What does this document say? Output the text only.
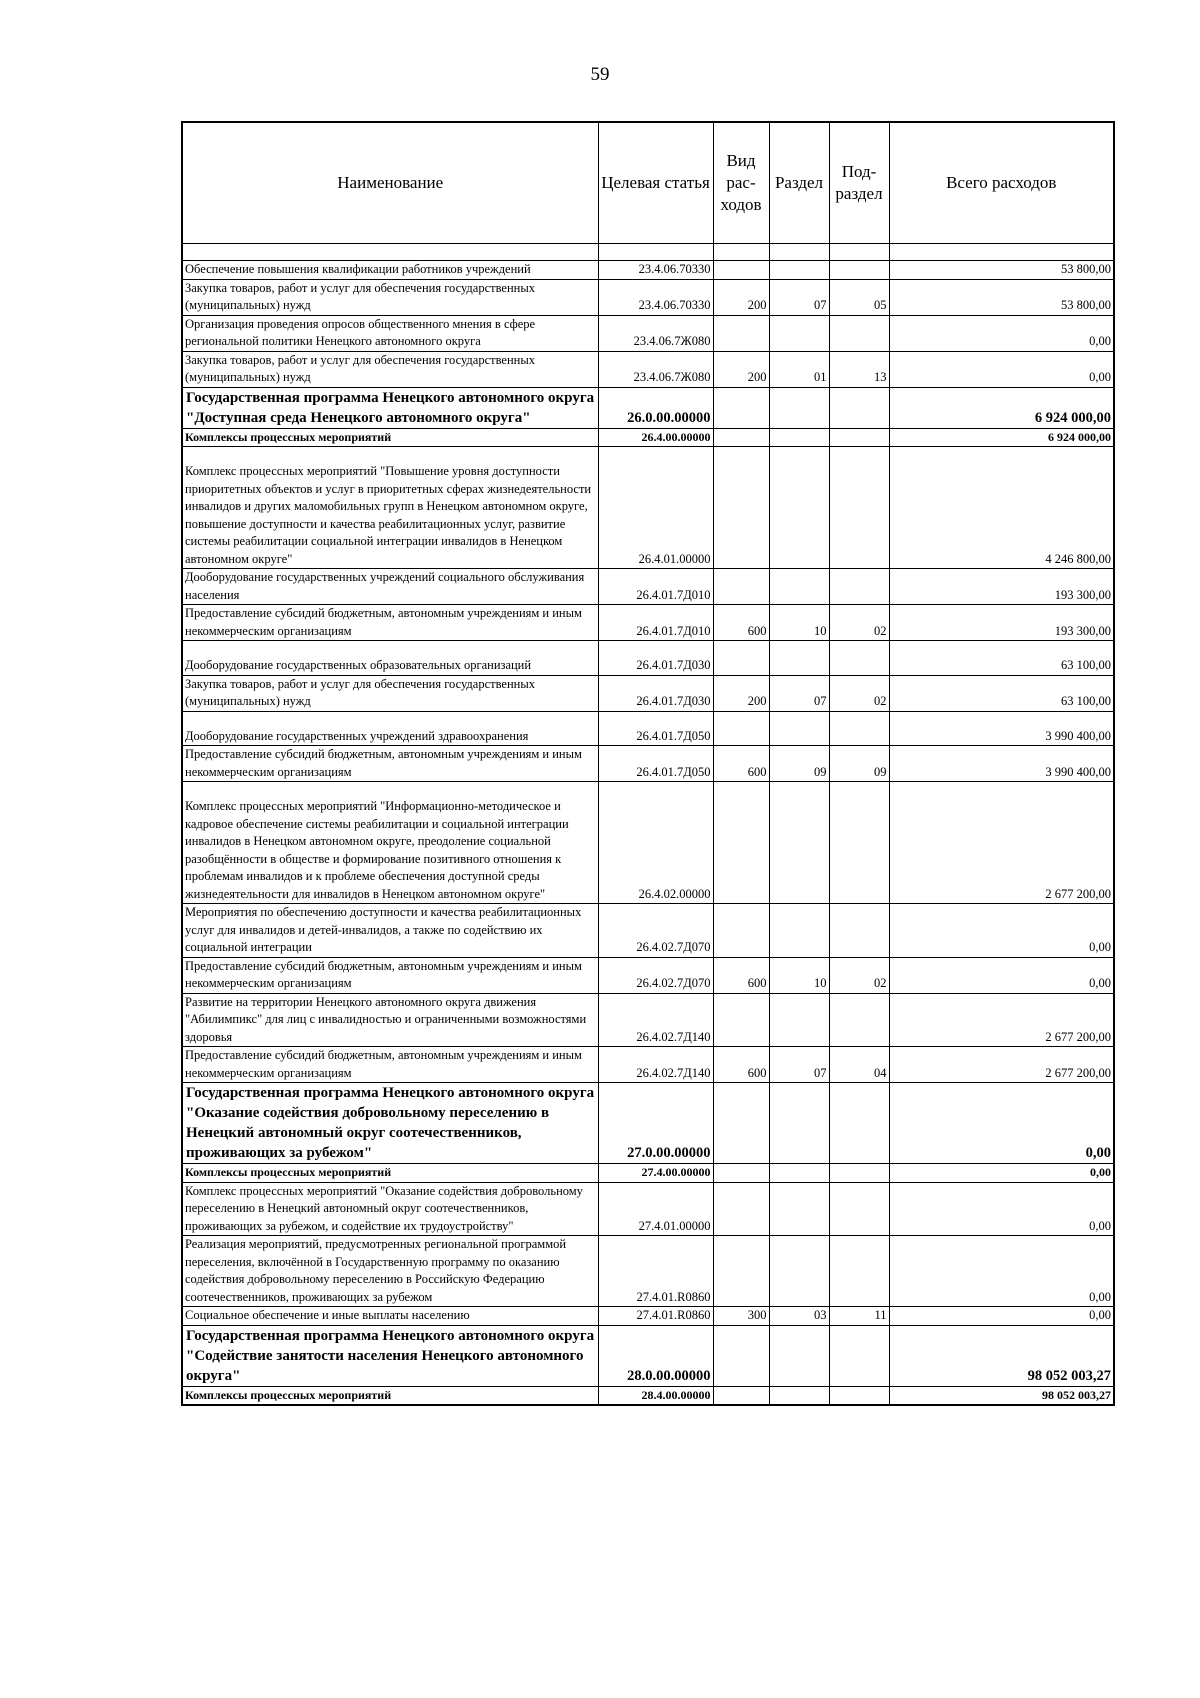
59
Наименование	Целевая статья	Вид рас- ходов	Раздел	Под- раздел	Всего расходов

Обеспечение повышения квалификации работников учреждений	23.4.06.70330				53 800,00
Закупка товаров, работ и услуг для обеспечения государственных (муниципальных) нужд	23.4.06.70330	200	07	05	53 800,00
Организация проведения опросов общественного мнения в сфере региональной политики Ненецкого автономного округа	23.4.06.7Ж080				0,00
Закупка товаров, работ и услуг для обеспечения государственных (муниципальных) нужд	23.4.06.7Ж080	200	01	13	0,00
Государственная программа Ненецкого автономного округа "Доступная среда Ненецкого автономного округа"	26.0.00.00000				6 924 000,00
Комплексы процессных мероприятий	26.4.00.00000				6 924 000,00
Комплекс процессных мероприятий "Повышение уровня доступности приоритетных объектов и услуг в приоритетных сферах жизнедеятельности инвалидов и других маломобильных групп в Ненецком автономном округе, повышение доступности и качества реабилитационных услуг, развитие системы реабилитации социальной интеграции инвалидов в Ненецком автономном округе"	26.4.01.00000				4 246 800,00
Дооборудование государственных учреждений социального обслуживания населения	26.4.01.7Д010				193 300,00
Предоставление субсидий бюджетным, автономным учреждениям и иным некоммерческим организациям	26.4.01.7Д010	600	10	02	193 300,00
Дооборудование государственных образовательных организаций	26.4.01.7Д030				63 100,00
Закупка товаров, работ и услуг для обеспечения государственных (муниципальных) нужд	26.4.01.7Д030	200	07	02	63 100,00
Дооборудование государственных учреждений здравоохранения	26.4.01.7Д050				3 990 400,00
Предоставление субсидий бюджетным, автономным учреждениям и иным некоммерческим организациям	26.4.01.7Д050	600	09	09	3 990 400,00
Комплекс процессных мероприятий "Информационно-методическое и кадровое обеспечение системы реабилитации и социальной интеграции инвалидов в Ненецком автономном округе, преодоление социальной разобщённости в обществе и формирование позитивного отношения к проблемам инвалидов и к проблеме обеспечения доступной среды жизнедеятельности для инвалидов в Ненецком автономном округе"	26.4.02.00000				2 677 200,00
Мероприятия по обеспечению доступности и качества реабилитационных услуг для инвалидов и детей-инвалидов, а также по содействию их социальной интеграции	26.4.02.7Д070				0,00
Предоставление субсидий бюджетным, автономным учреждениям и иным некоммерческим организациям	26.4.02.7Д070	600	10	02	0,00
Развитие на территории Ненецкого автономного округа движения "Абилимпикс" для лиц с инвалидностью и ограниченными возможностями здоровья	26.4.02.7Д140				2 677 200,00
Предоставление субсидий бюджетным, автономным учреждениям и иным некоммерческим организациям	26.4.02.7Д140	600	07	04	2 677 200,00
Государственная программа Ненецкого автономного округа "Оказание содействия добровольному переселению в Ненецкий автономный округ соотечественников, проживающих за рубежом"	27.0.00.00000				0,00
Комплексы процессных мероприятий	27.4.00.00000				0,00
Комплекс процессных мероприятий "Оказание содействия добровольному переселению в Ненецкий автономный округ соотечественников, проживающих за рубежом, и содействие их трудоустройству"	27.4.01.00000				0,00
Реализация мероприятий, предусмотренных региональной программой переселения, включённой в Государственную программу по оказанию содействия добровольному переселению в Российскую Федерацию соотечественников, проживающих за рубежом	27.4.01.R0860				0,00
Социальное обеспечение и иные выплаты населению	27.4.01.R0860	300	03	11	0,00
Государственная программа Ненецкого автономного округа "Содействие занятости населения Ненецкого автономного округа"	28.0.00.00000				98 052 003,27
Комплексы процессных мероприятий	28.4.00.00000				98 052 003,27
